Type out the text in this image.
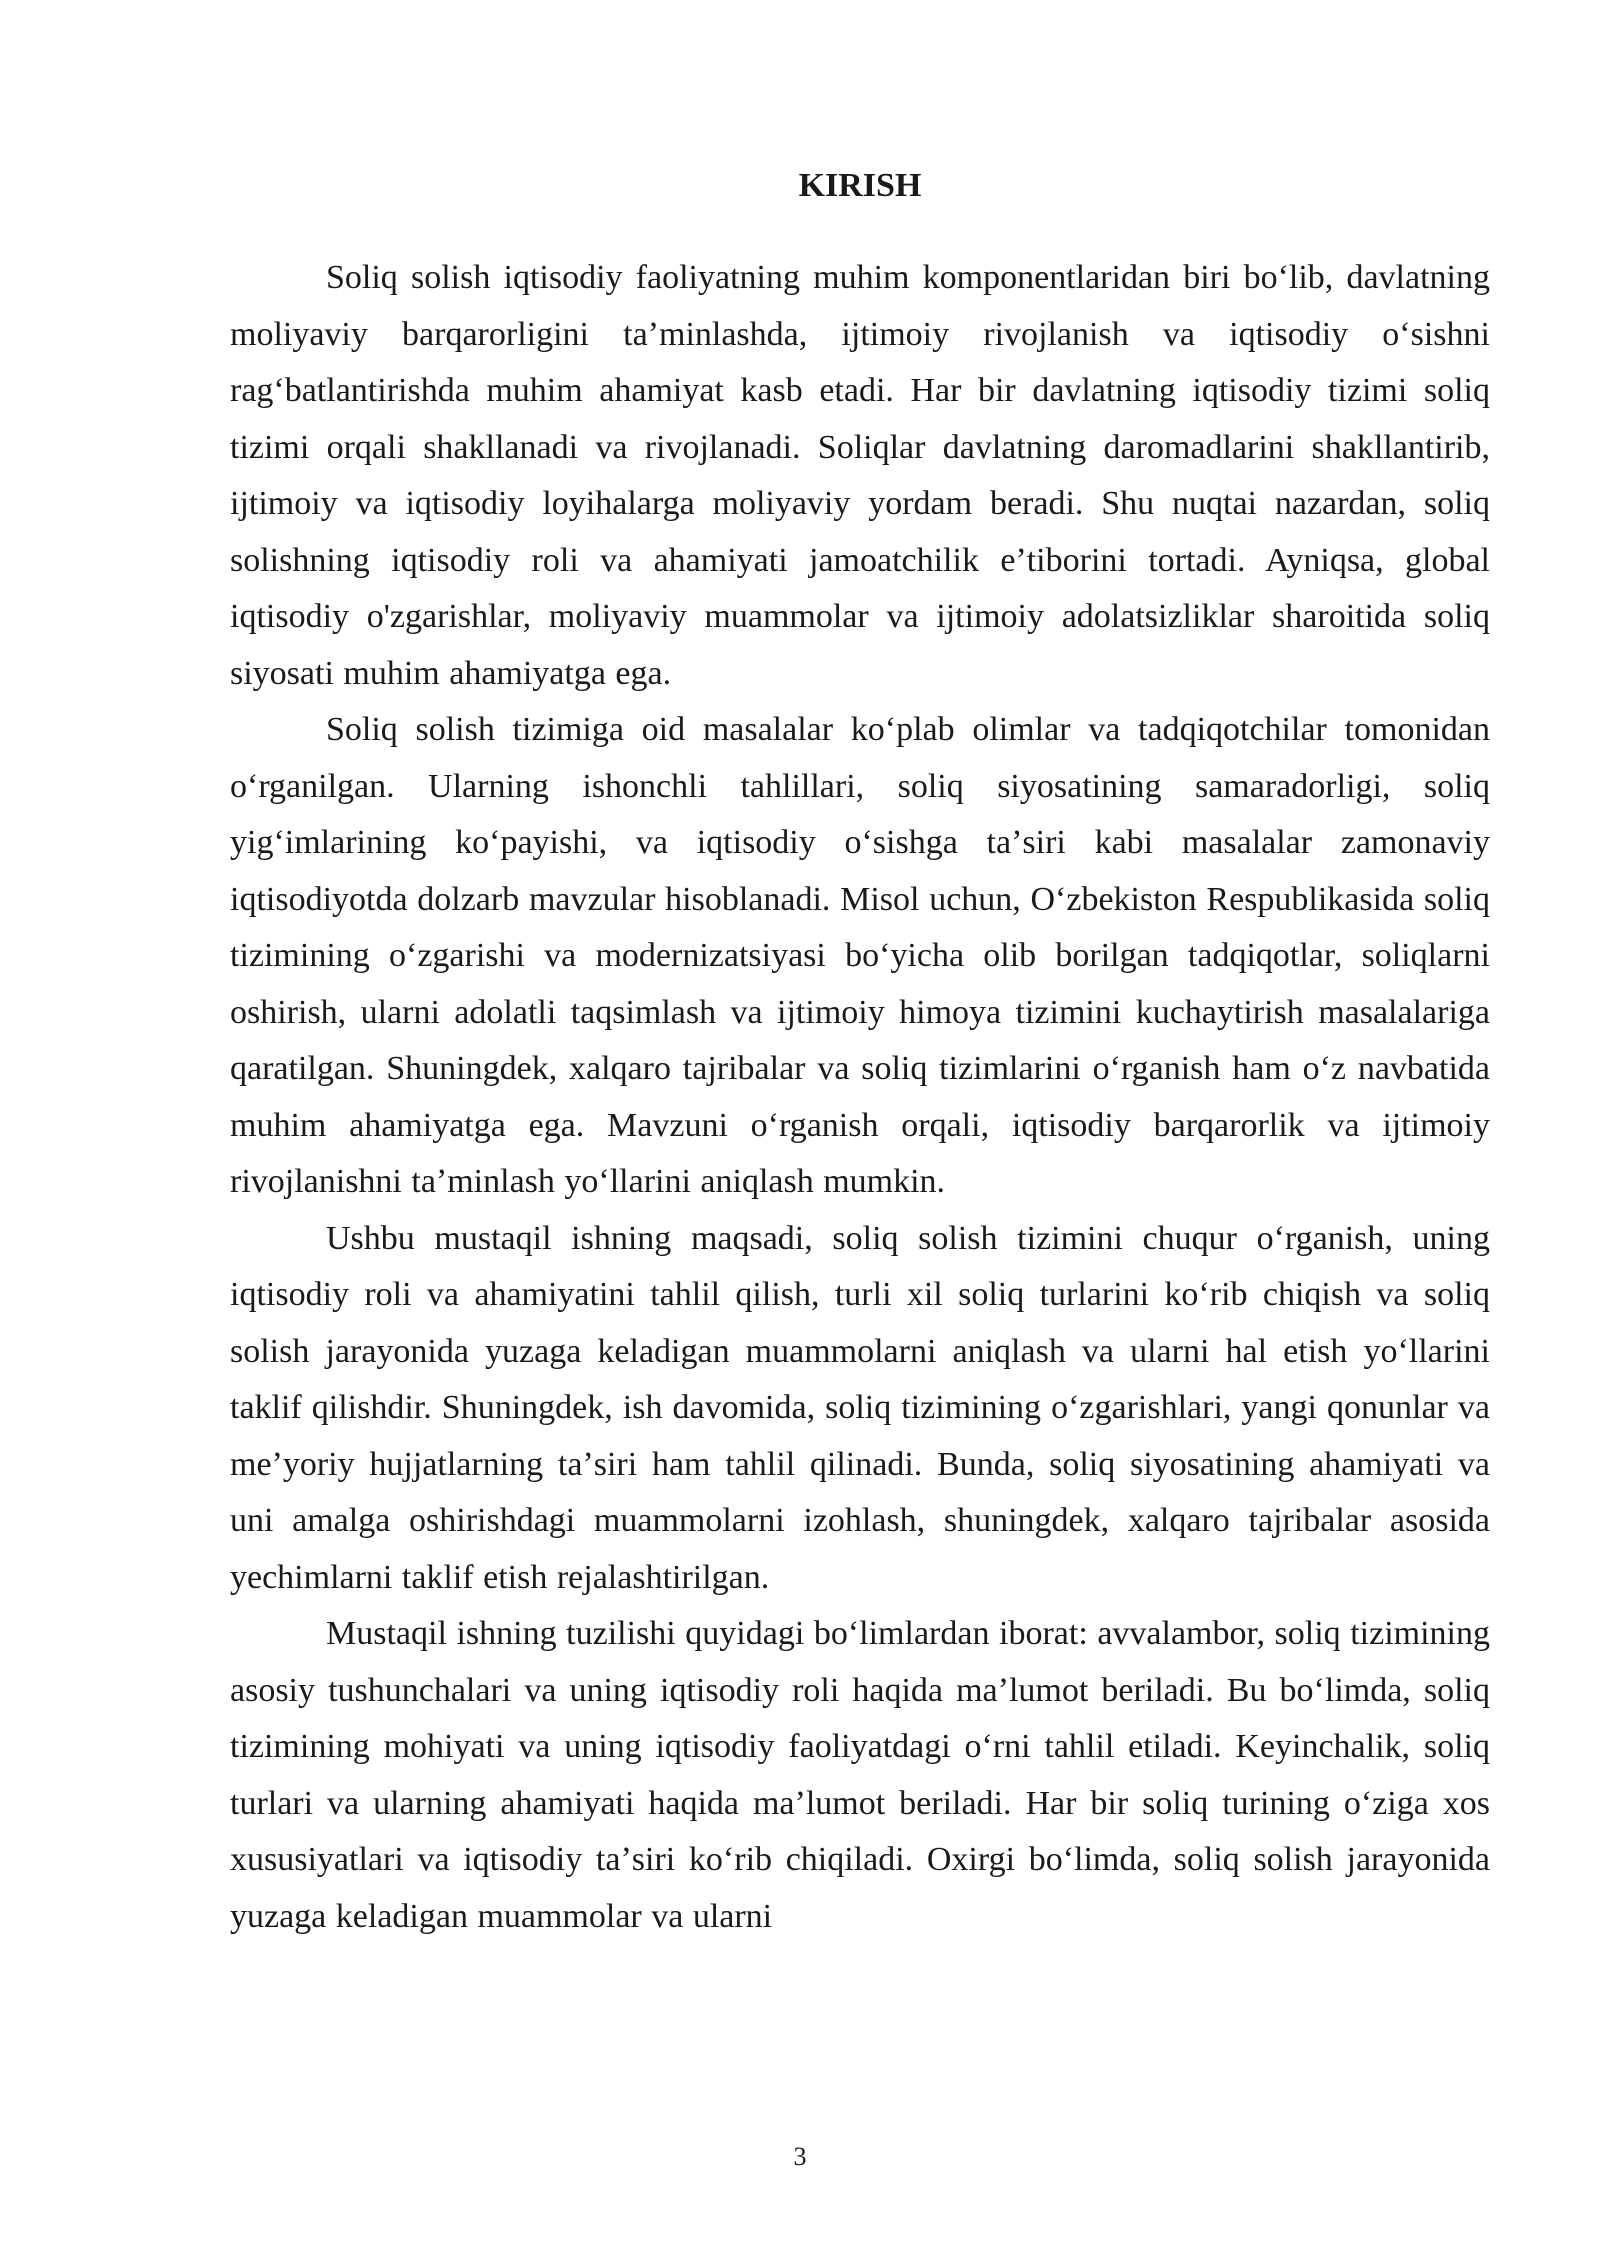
KIRISH

Soliq solish iqtisodiy faoliyatning muhim komponentlaridan biri boʻlib, davlatning moliyaviy barqarorligini taʼminlashda, ijtimoiy rivojlanish va iqtisodiy oʻsishni ragʻbatlantirishda muhim ahamiyat kasb etadi. Har bir davlatning iqtisodiy tizimi soliq tizimi orqali shakllanadi va rivojlanadi. Soliqlar davlatning daromadlarini shakllantirib, ijtimoiy va iqtisodiy loyihalarga moliyaviy yordam beradi. Shu nuqtai nazardan, soliq solishning iqtisodiy roli va ahamiyati jamoatchilik eʼtiborini tortadi. Ayniqsa, global iqtisodiy o'zgarishlar, moliyaviy muammolar va ijtimoiy adolatsizliklar sharoitida soliq siyosati muhim ahamiyatga ega.

Soliq solish tizimiga oid masalalar koʻplab olimlar va tadqiqotchilar tomonidan oʻrganilgan. Ularning ishonchli tahlillari, soliq siyosatining samaradorligi, soliq yigʻimlarining koʻpayishi, va iqtisodiy oʻsishga taʼsiri kabi masalalar zamonaviy iqtisodiyotda dolzarb mavzular hisoblanadi. Misol uchun, Oʻzbekiston Respublikasida soliq tizimining oʻzgarishi va modernizatsiyasi boʻyicha olib borilgan tadqiqotlar, soliqlarni oshirish, ularni adolatli taqsimlash va ijtimoiy himoya tizimini kuchaytirish masalalariga qaratilgan. Shuningdek, xalqaro tajribalar va soliq tizimlarini oʻrganish ham oʻz navbatida muhim ahamiyatga ega. Mavzuni oʻrganish orqali, iqtisodiy barqarorlik va ijtimoiy rivojlanishni taʼminlash yoʻllarini aniqlash mumkin.

Ushbu mustaqil ishning maqsadi, soliq solish tizimini chuqur oʻrganish, uning iqtisodiy roli va ahamiyatini tahlil qilish, turli xil soliq turlarini koʻrib chiqish va soliq solish jarayonida yuzaga keladigan muammolarni aniqlash va ularni hal etish yoʻllarini taklif qilishdir. Shuningdek, ish davomida, soliq tizimining oʻzgarishlari, yangi qonunlar va meʼyoriy hujjatlarning taʼsiri ham tahlil qilinadi. Bunda, soliq siyosatining ahamiyati va uni amalga oshirishdagi muammolarni izohlash, shuningdek, xalqaro tajribalar asosida yechimlarni taklif etish rejalashtirilgan.

Mustaqil ishning tuzilishi quyidagi boʻlimlardan iborat: avvalambor, soliq tizimining asosiy tushunchalari va uning iqtisodiy roli haqida maʼlumot beriladi. Bu boʻlimda, soliq tizimining mohiyati va uning iqtisodiy faoliyatdagi oʻrni tahlil etiladi. Keyinchalik, soliq turlari va ularning ahamiyati haqida maʼlumot beriladi. Har bir soliq turining oʻziga xos xususiyatlari va iqtisodiy taʼsiri koʻrib chiqiladi. Oxirgi boʻlimda, soliq solish jarayonida yuzaga keladigan muammolar va ularni

3
